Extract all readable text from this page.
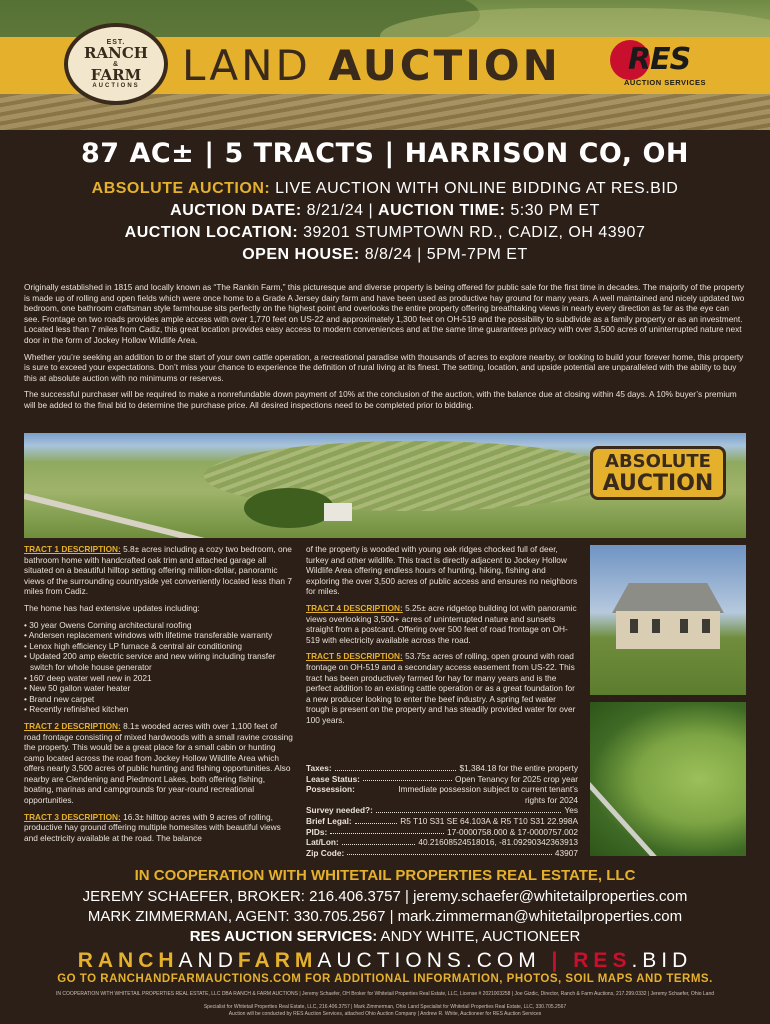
EST.
RANCH
&
FARM
AUCTIONS LAND AUCTION RES
AUCTION SERVICES
87 AC± | 5 TRACTS | HARRISON CO, OH
ABSOLUTE AUCTION: LIVE AUCTION WITH ONLINE BIDDING AT RES.BID
AUCTION DATE: 8/21/24 | AUCTION TIME: 5:30 PM ET
AUCTION LOCATION: 39201 STUMPTOWN RD., CADIZ, OH 43907
OPEN HOUSE: 8/8/24 | 5PM-7PM ET

Originally established in 1815 and locally known as “The Rankin Farm,” this picturesque and diverse property is being offered for public sale for the first time in decades. The majority of the property is made up of rolling and open fields which were once home to a Grade A Jersey dairy farm and have been used as productive hay ground for many years. A well maintained and nicely updated two bedroom, one bathroom craftsman style farmhouse sits perfectly on the highest point and overlooks the entire property offering breathtaking views in nearly every direction as far as the eye can see. Frontage on two roads provides ample access with over 1,770 feet on US-22 and approximately 1,300 feet on OH-519 and the possibility to subdivide as a family property or as an investment. Located less than 7 miles from Cadiz, this great location provides easy access to modern conveniences and at the same time guarantees privacy with over 3,500 acres of uninterrupted nature next door in the form of Jockey Hollow Wildlife Area.

Whether you’re seeking an addition to or the start of your own cattle operation, a recreational paradise with thousands of acres to explore nearby, or looking to build your forever home, this property is sure to exceed your expectations. Don’t miss your chance to experience the definition of rural living at its finest. The setting, location, and upside potential are unparalleled with the ability to buy this at absolute auction with no minimums or reserves.

The successful purchaser will be required to make a nonrefundable down payment of 10% at the conclusion of the auction, with the balance due at closing within 45 days. A 10% buyer’s premium will be added to the final bid to determine the purchase price. All desired inspections need to be completed prior to bidding.

ABSOLUTE
AUCTION

TRACT 1 DESCRIPTION: 5.8± acres including a cozy two bedroom, one bathroom home with handcrafted oak trim and attached garage all situated on a beautiful hilltop setting offering million-dollar, panoramic views of the surrounding countryside yet conveniently located less than 7 miles from Cadiz.

The home has had extensive updates including:

• 30 year Owens Corning architectural roofing
• Andersen replacement windows with lifetime transferable warranty
• Lenox high efficiency LP furnace & central air conditioning
• Updated 200 amp electric service and new wiring including transfer switch for whole house generator
• 160’ deep water well new in 2021
• New 50 gallon water heater
• Brand new carpet
• Recently refinished kitchen

TRACT 2 DESCRIPTION: 8.1± wooded acres with over 1,100 feet of road frontage consisting of mixed hardwoods with a small ravine crossing the property. This would be a great place for a small cabin or hunting camp located across the road from Jockey Hollow Wildlife Area which offers nearly 3,500 acres of public hunting and fishing opportunities. Also nearby are Clendening and Piedmont Lakes, both offering fishing, boating, marinas and campgrounds for year-round recreational opportunities.

TRACT 3 DESCRIPTION: 16.3± hilltop acres with 9 acres of rolling, productive hay ground offering multiple homesites with beautiful views and electricity available at the road. The balance

of the property is wooded with young oak ridges chocked full of deer, turkey and other wildlife. This tract is directly adjacent to Jockey Hollow Wildlife Area offering endless hours of hunting, hiking, fishing and exploring the over 3,500 acres of public access and ensures no neighbors for miles.

TRACT 4 DESCRIPTION: 5.25± acre ridgetop building lot with panoramic views overlooking 3,500+ acres of uninterrupted nature and sunsets straight from a postcard. Offering over 500 feet of road frontage on OH-519 with electricity available across the road.

TRACT 5 DESCRIPTION: 53.75± acres of rolling, open ground with road frontage on OH-519 and a secondary access easement from US-22. This tract has been productively farmed for hay for many years and is the perfect addition to an existing cattle operation or as a great foundation for a new producer looking to enter the beef industry. A spring fed water trough is present on the property and has steadily provided water for over 100 years.

Taxes:	$1,384.18 for the entire property
Lease Status:	Open Tenancy for 2025 crop year
Possession:	Immediate possession subject to current tenant’s
rights for 2024
Survey needed?:	Yes
Brief Legal:	R5 T10 S31 SE 64.103A & R5 T10 S31 22.998A
PIDs:	17-0000758.000 & 17-0000757.002
Lat/Lon:	40.21608524518016, -81.09290342363913
Zip Code:	43907
IN COOPERATION WITH WHITETAIL PROPERTIES REAL ESTATE, LLC
JEREMY SCHAEFER, BROKER: 216.406.3757 | jeremy.schaefer@whitetailproperties.com
MARK ZIMMERMAN, AGENT: 330.705.2567 | mark.zimmerman@whitetailproperties.com
RES AUCTION SERVICES: ANDY WHITE, AUCTIONEER
RANCHANDFARMAUCTIONS.COM | RES.BID
GO TO RANCHANDFARMAUCTIONS.COM FOR ADDITIONAL INFORMATION, PHOTOS, SOIL MAPS AND TERMS.
IN COOPERATION WITH WHITETAIL PROPERTIES REAL ESTATE, LLC DBA RANCH & FARM AUCTIONS | Jeremy Schaefer, OH Broker for Whitetail Properties Real Estate, LLC, License # 2021003258 | Joe Gizdic, Director, Ranch & Farm Auctions, 217.299.0332 | Jeremy Schaefer, Ohio Land
Specialist for Whitetail Properties Real Estate, LLC, 216.406.3757 | Mark Zimmerman, Ohio Land Specialist for Whitetail Properties Real Estate, LLC, 330.705.2567
Auction will be conducted by RES Auction Services, attached Ohio Auction Company | Andrew R. White, Auctioneer for RES Auction Services
